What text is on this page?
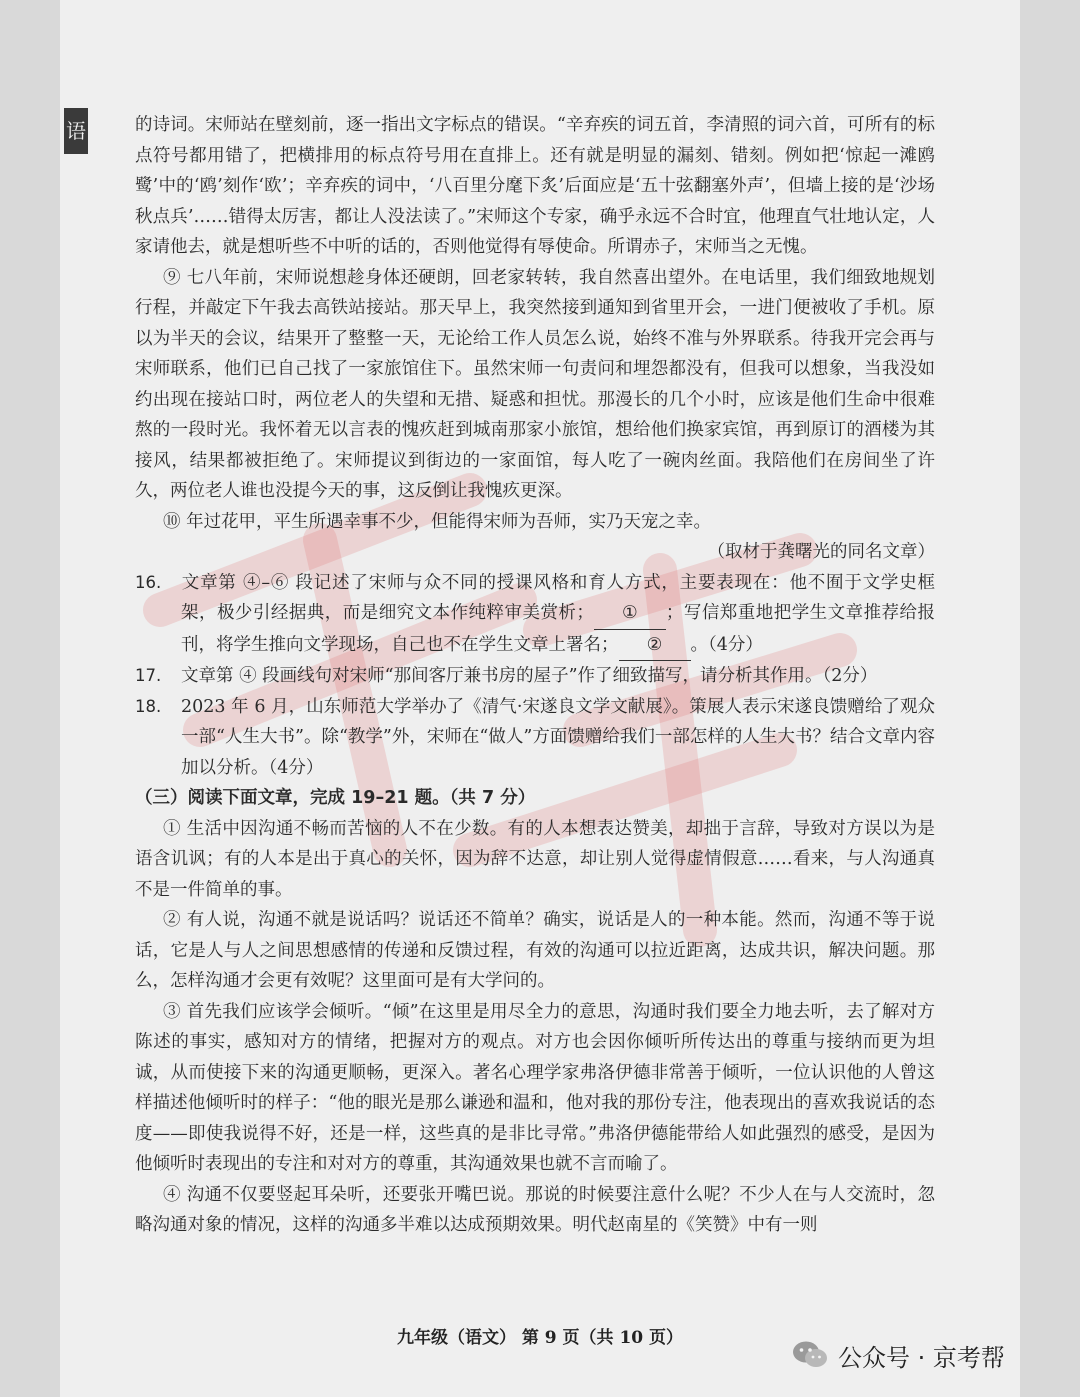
语	的诗词。宋师站在壁刻前，逐一指出文字标点的错误。“辛弃疾的词五首，李清照的词六首，可所有的标点符号都用错了，把横排用的标点符号用在直排上。还有就是明显的漏刻、错刻。例如把‘惊起一滩鸥鹭’中的‘鸥’刻作‘欧’；辛弃疾的词中，‘八百里分麾下炙’后面应是‘五十弦翻塞外声’，但墙上接的是‘沙场秋点兵’……错得太厉害，都让人没法读了。”宋师这个专家，确乎永远不合时宜，他理直气壮地认定，人家请他去，就是想听些不中听的话的，否则他觉得有辱使命。所谓赤子，宋师当之无愧。

⑨ 七八年前，宋师说想趁身体还硬朗，回老家转转，我自然喜出望外。在电话里，我们细致地规划行程，并敲定下午我去高铁站接站。那天早上，我突然接到通知到省里开会，一进门便被收了手机。原以为半天的会议，结果开了整整一天，无论给工作人员怎么说，始终不准与外界联系。待我开完会再与宋师联系，他们已自己找了一家旅馆住下。虽然宋师一句责问和埋怨都没有，但我可以想象，当我没如约出现在接站口时，两位老人的失望和无措、疑惑和担忧。那漫长的几个小时，应该是他们生命中很难熬的一段时光。我怀着无以言表的愧疚赶到城南那家小旅馆，想给他们换家宾馆，再到原订的酒楼为其接风，结果都被拒绝了。宋师提议到街边的一家面馆，每人吃了一碗肉丝面。我陪他们在房间坐了许久，两位老人谁也没提今天的事，这反倒让我愧疚更深。

⑩ 年过花甲，平生所遇幸事不少，但能得宋师为吾师，实乃天宠之幸。

（取材于龚曙光的同名文章）

16. 文章第 ④–⑥ 段记述了宋师与众不同的授课风格和育人方式，主要表现在：他不囿于文学史框架，极少引经据典，而是细究文本作纯粹审美赏析； ① ；写信郑重地把学生文章推荐给报刊，将学生推向文学现场，自己也不在学生文章上署名； ② 。（4分）

17. 文章第 ④ 段画线句对宋师“那间客厅兼书房的屋子”作了细致描写，请分析其作用。（2分）

18. 2023 年 6 月，山东师范大学举办了《清气·宋遂良文学文献展》。策展人表示宋遂良馈赠给了观众一部“人生大书”。除“教学”外，宋师在“做人”方面馈赠给我们一部怎样的人生大书？结合文章内容加以分析。（4分）

（三）阅读下面文章，完成 19–21 题。（共 7 分）

① 生活中因沟通不畅而苦恼的人不在少数。有的人本想表达赞美，却拙于言辞，导致对方误以为是语含讥讽；有的人本是出于真心的关怀，因为辞不达意，却让别人觉得虚情假意……看来，与人沟通真不是一件简单的事。

② 有人说，沟通不就是说话吗？说话还不简单？确实，说话是人的一种本能。然而，沟通不等于说话，它是人与人之间思想感情的传递和反馈过程，有效的沟通可以拉近距离，达成共识，解决问题。那么，怎样沟通才会更有效呢？这里面可是有大学问的。

③ 首先我们应该学会倾听。“倾”在这里是用尽全力的意思，沟通时我们要全力地去听，去了解对方陈述的事实，感知对方的情绪，把握对方的观点。对方也会因你倾听所传达出的尊重与接纳而更为坦诚，从而使接下来的沟通更顺畅，更深入。著名心理学家弗洛伊德非常善于倾听，一位认识他的人曾这样描述他倾听时的样子：“他的眼光是那么谦逊和温和，他对我的那份专注，他表现出的喜欢我说话的态度——即使我说得不好，还是一样，这些真的是非比寻常。”弗洛伊德能带给人如此强烈的感受，是因为他倾听时表现出的专注和对对方的尊重，其沟通效果也就不言而喻了。

④ 沟通不仅要竖起耳朵听，还要张开嘴巴说。那说的时候要注意什么呢？不少人在与人交流时，忽略沟通对象的情况，这样的沟通多半难以达成预期效果。明代赵南星的《笑赞》中有一则

九年级（语文） 第 9 页（共 10 页）
公众号 · 京考帮
